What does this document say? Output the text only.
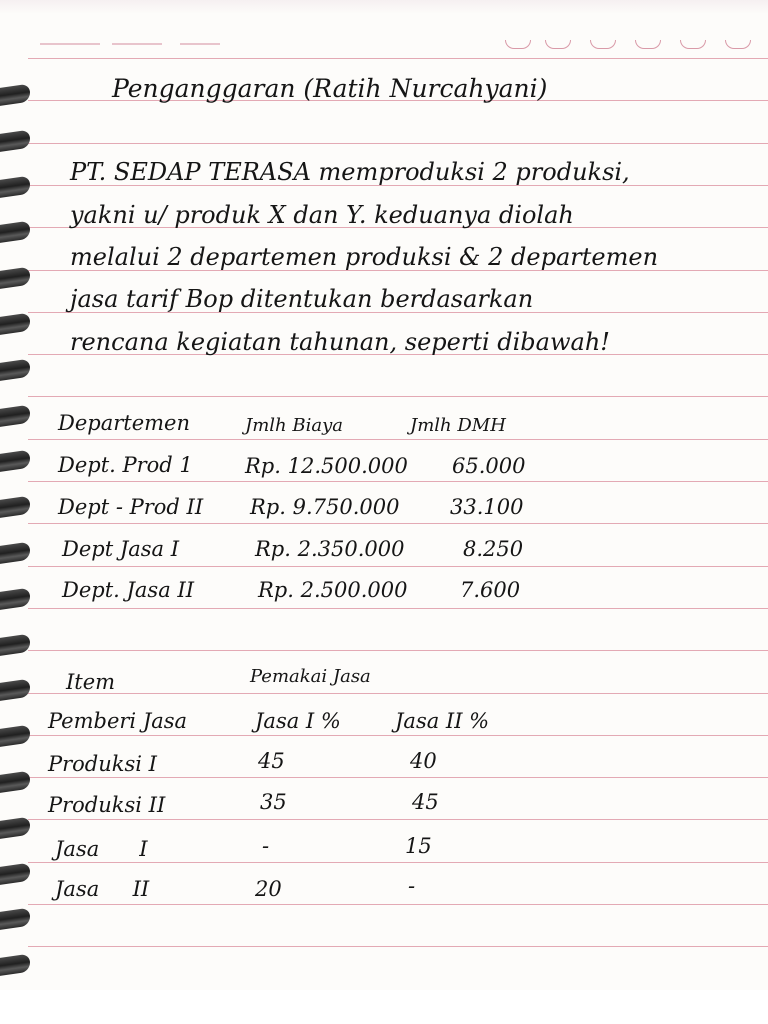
Penganggaran (Ratih Nurcahyani)
PT. SEDAP TERASA memproduksi 2 produksi,
yakni u/ produk X dan Y. keduanya diolah
melalui 2 departemen produksi & 2 departemen
jasa tarif Bop ditentukan berdasarkan
rencana kegiatan tahunan, seperti dibawah!
Departemen	Jmlh Biaya	Jmlh DMH
Dept. Prod 1 Rp. 12.500.000 65.000
Dept - Prod II Rp. 9.750.000 33.100
Dept Jasa I	Rp. 2.350.000	8.250
Dept. Jasa II	Rp. 2.500.000	7.600
Item	Pemakai Jasa
Pemberi Jasa	Jasa I %	Jasa II %
Produksi I	45	40
Produksi II	35	45
Jasa      I	-	15
Jasa     II	20	-
